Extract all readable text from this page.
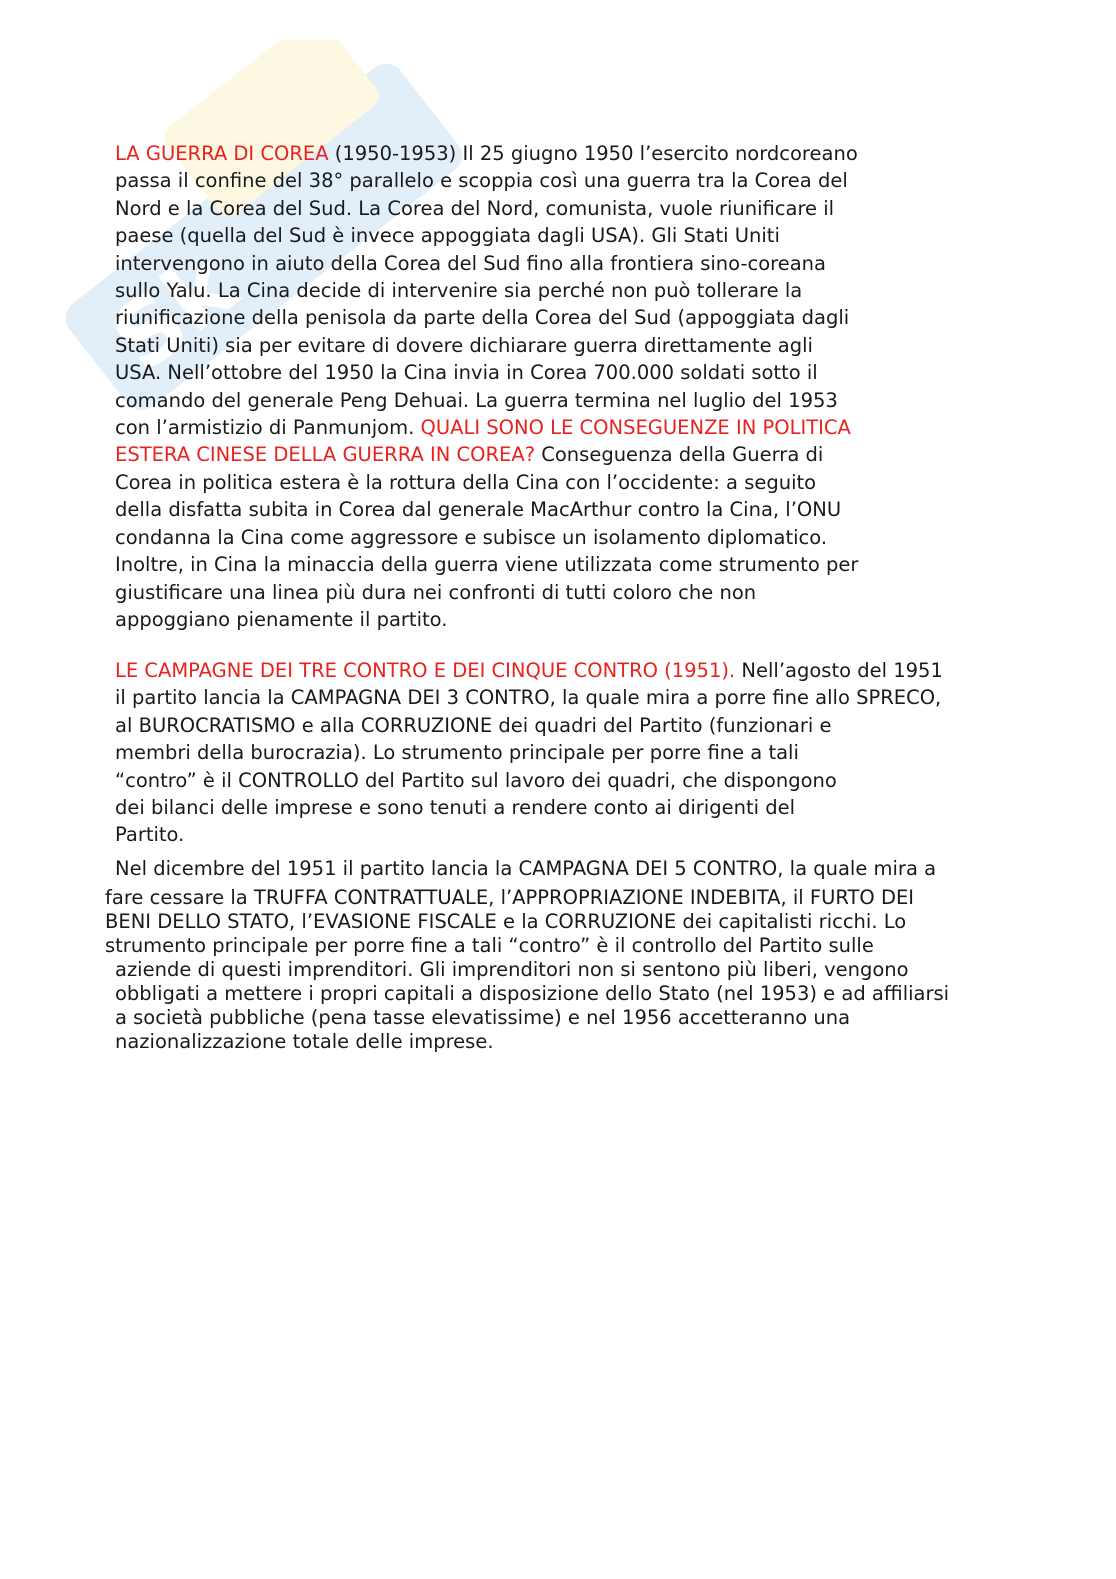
Sk
LA GUERRA DI COREA (1950-1953) Il 25 giugno 1950 l’esercito nordcoreano
passa il confine del 38° parallelo e scoppia così una guerra tra la Corea del
Nord e la Corea del Sud. La Corea del Nord, comunista, vuole riunificare il
paese (quella del Sud è invece appoggiata dagli USA). Gli Stati Uniti
intervengono in aiuto della Corea del Sud fino alla frontiera sino-coreana
sullo Yalu. La Cina decide di intervenire sia perché non può tollerare la
riunificazione della penisola da parte della Corea del Sud (appoggiata dagli
Stati Uniti) sia per evitare di dovere dichiarare guerra direttamente agli
USA. Nell’ottobre del 1950 la Cina invia in Corea 700.000 soldati sotto il
comando del generale Peng Dehuai. La guerra termina nel luglio del 1953
con l’armistizio di Panmunjom. QUALI SONO LE CONSEGUENZE IN POLITICA
ESTERA CINESE DELLA GUERRA IN COREA? Conseguenza della Guerra di
Corea in politica estera è la rottura della Cina con l’occidente: a seguito
della disfatta subita in Corea dal generale MacArthur contro la Cina, l’ONU
condanna la Cina come aggressore e subisce un isolamento diplomatico.
Inoltre, in Cina la minaccia della guerra viene utilizzata come strumento per
giustificare una linea più dura nei confronti di tutti coloro che non
appoggiano pienamente il partito.
LE CAMPAGNE DEI TRE CONTRO E DEI CINQUE CONTRO (1951). Nell’agosto del 1951
il partito lancia la CAMPAGNA DEI 3 CONTRO, la quale mira a porre fine allo SPRECO,
al BUROCRATISMO e alla CORRUZIONE dei quadri del Partito (funzionari e
membri della burocrazia). Lo strumento principale per porre fine a tali
“contro” è il CONTROLLO del Partito sul lavoro dei quadri, che dispongono
dei bilanci delle imprese e sono tenuti a rendere conto ai dirigenti del
Partito.
Nel dicembre del 1951 il partito lancia la CAMPAGNA DEI 5 CONTRO, la quale mira a
fare cessare la TRUFFA CONTRATTUALE, l’APPROPRIAZIONE INDEBITA, il FURTO DEI
BENI DELLO STATO, l’EVASIONE FISCALE e la CORRUZIONE dei capitalisti ricchi. Lo
strumento principale per porre fine a tali “contro” è il controllo del Partito sulle
aziende di questi imprenditori. Gli imprenditori non si sentono più liberi, vengono
obbligati a mettere i propri capitali a disposizione dello Stato (nel 1953) e ad affiliarsi
a società pubbliche (pena tasse elevatissime) e nel 1956 accetteranno una
nazionalizzazione totale delle imprese.
